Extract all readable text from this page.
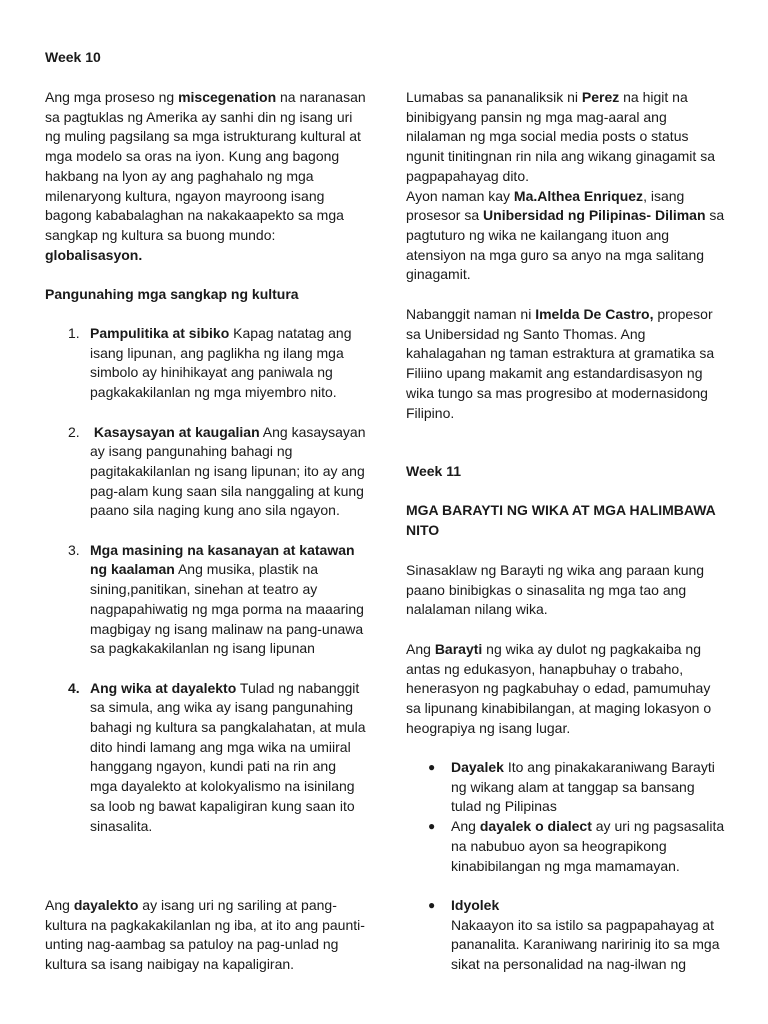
Week 10

Ang mga proseso ng miscegenation na naranasan sa pagtuklas ng Amerika ay sanhi din ng isang uri ng muling pagsilang sa mga istrukturang kultural at mga modelo sa oras na iyon. Kung ang bagong hakbang na lyon ay ang paghahalo ng mga milenaryong kultura, ngayon mayroong isang bagong kababalaghan na nakakaapekto sa mga sangkap ng kultura sa buong mundo: globalisasyon.

Pangunahing mga sangkap ng kultura

1. Pampulitika at sibiko Kapag natatag ang isang lipunan, ang paglikha ng ilang mga simbolo ay hinihikayat ang paniwala ng pagkakakilanlan ng mga miyembro nito.
2. Kasaysayan at kaugalian Ang kasaysayan ay isang pangunahing bahagi ng pagitakakilanlan ng isang lipunan; ito ay ang pag-alam kung saan sila nanggaling at kung paano sila naging kung ano sila ngayon.
3. Mga masining na kasanayan at katawan ng kaalaman Ang musika, plastik na sining,panitikan, sinehan at teatro ay nagpapahiwatig ng mga porma na maaaring magbigay ng isang malinaw na pang-unawa sa pagkakakilanlan ng isang lipunan
4. Ang wika at dayalekto Tulad ng nabanggit sa simula, ang wika ay isang pangunahing bahagi ng kultura sa pangkalahatan, at mula dito hindi lamang ang mga wika na umiiral hanggang ngayon, kundi pati na rin ang mga dayalekto at kolokyalismo na isinilang sa loob ng bawat kapaligiran kung saan ito sinasalita.

Ang dayalekto ay isang uri ng sariling at pang-kultura na pagkakakilanlan ng iba, at ito ang paunti-unting nag-aambag sa patuloy na pag-unlad ng kultura sa isang naibigay na kapaligiran.

Lumabas sa pananaliksik ni Perez na higit na binibigyang pansin ng mga mag-aaral ang nilalaman ng mga social media posts o status ngunit tinitingnan rin nila ang wikang ginagamit sa pagpapahayag dito.

Ayon naman kay Ma.Althea Enriquez, isang prosesor sa Unibersidad ng Pilipinas- Diliman sa pagtuturo ng wika ne kailangang ituon ang atensiyon na mga guro sa anyo na mga salitang ginagamit.

Nabanggit naman ni Imelda De Castro, propesor sa Unibersidad ng Santo Thomas. Ang kahalagahan ng taman estraktura at gramatika sa Filiino upang makamit ang estandardisasyon ng wika tungo sa mas progresibo at modernasidong Filipino.

Week 11

MGA BARAYTI NG WIKA AT MGA HALIMBAWA NITO

Sinasaklaw ng Barayti ng wika ang paraan kung paano binibigkas o sinasalita ng mga tao ang nalalaman nilang wika.

Ang Barayti ng wika ay dulot ng pagkakaiba ng antas ng edukasyon, hanapbuhay o trabaho, henerasyon ng pagkabuhay o edad, pamumuhay sa lipunang kinabibilangan, at maging lokasyon o heograpiya ng isang lugar.

● Dayalek Ito ang pinakakaraniwang Barayti ng wikang alam at tanggap sa bansang tulad ng Pilipinas
● Ang dayalek o dialect ay uri ng pagsasalita na nabubuo ayon sa heograpikong kinabibilangan ng mga mamamayan.
● Idyolek
Nakaayon ito sa istilo sa pagpapahayag at pananalita. Karaniwang naririnig ito sa mga sikat na personalidad na nag-ilwan ng
